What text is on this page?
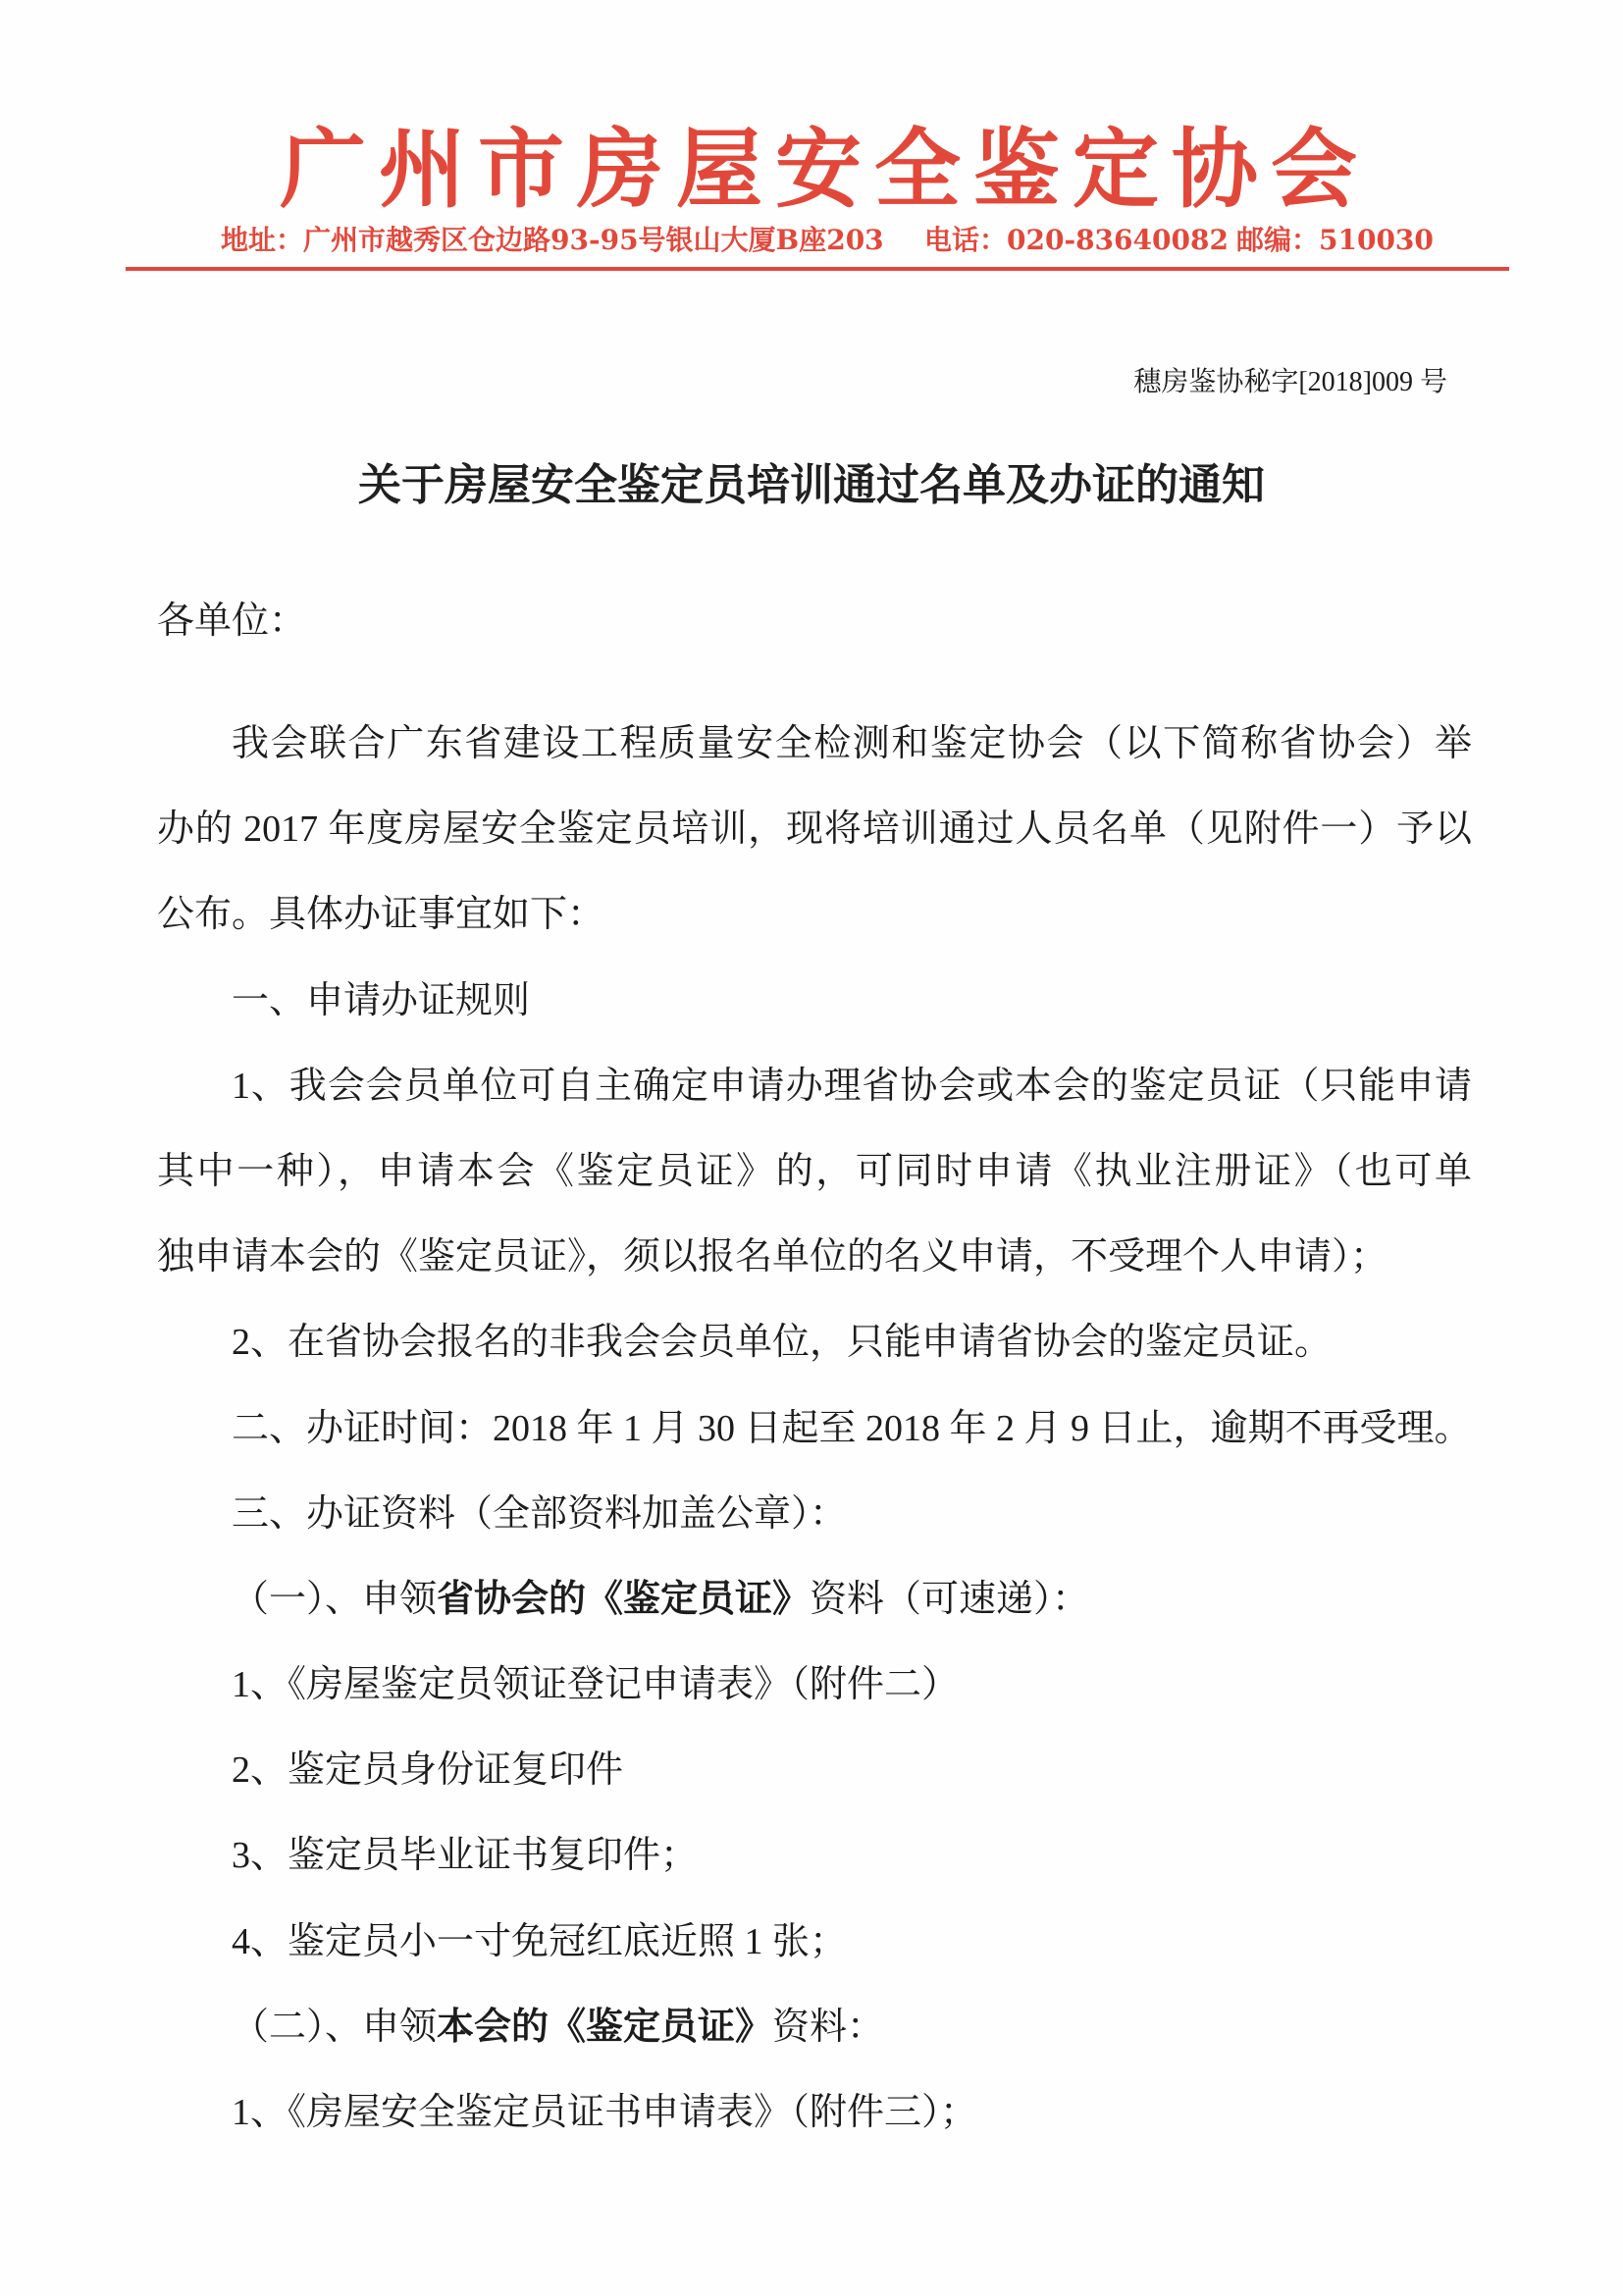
广州市房屋安全鉴定协会
地址：广州市越秀区仓边路93-95号银山大厦B座203 电话：020-83640082 邮编：510030
穗房鉴协秘字[2018]009 号
关于房屋安全鉴定员培训通过名单及办证的通知
各单位：
我会联合广东省建设工程质量安全检测和鉴定协会（以下简称省协会）举
办的 2017 年度房屋安全鉴定员培训，现将培训通过人员名单（见附件一）予以
公布。具体办证事宜如下：
一、申请办证规则
1、我会会员单位可自主确定申请办理省协会或本会的鉴定员证（只能申请
其中一种），申请本会《鉴定员证》的，可同时申请《执业注册证》（也可单
独申请本会的《鉴定员证》，须以报名单位的名义申请，不受理个人申请）；
2、在省协会报名的非我会会员单位，只能申请省协会的鉴定员证。
二、办证时间：2018 年 1 月 30 日起至 2018 年 2 月 9 日止，逾期不再受理。
三、办证资料（全部资料加盖公章）：
（一）、申领省协会的《鉴定员证》资料（可速递）：
1、《房屋鉴定员领证登记申请表》（附件二）
2、鉴定员身份证复印件
3、鉴定员毕业证书复印件；
4、鉴定员小一寸免冠红底近照 1 张；
（二）、申领本会的《鉴定员证》资料：
1、《房屋安全鉴定员证书申请表》（附件三）；
